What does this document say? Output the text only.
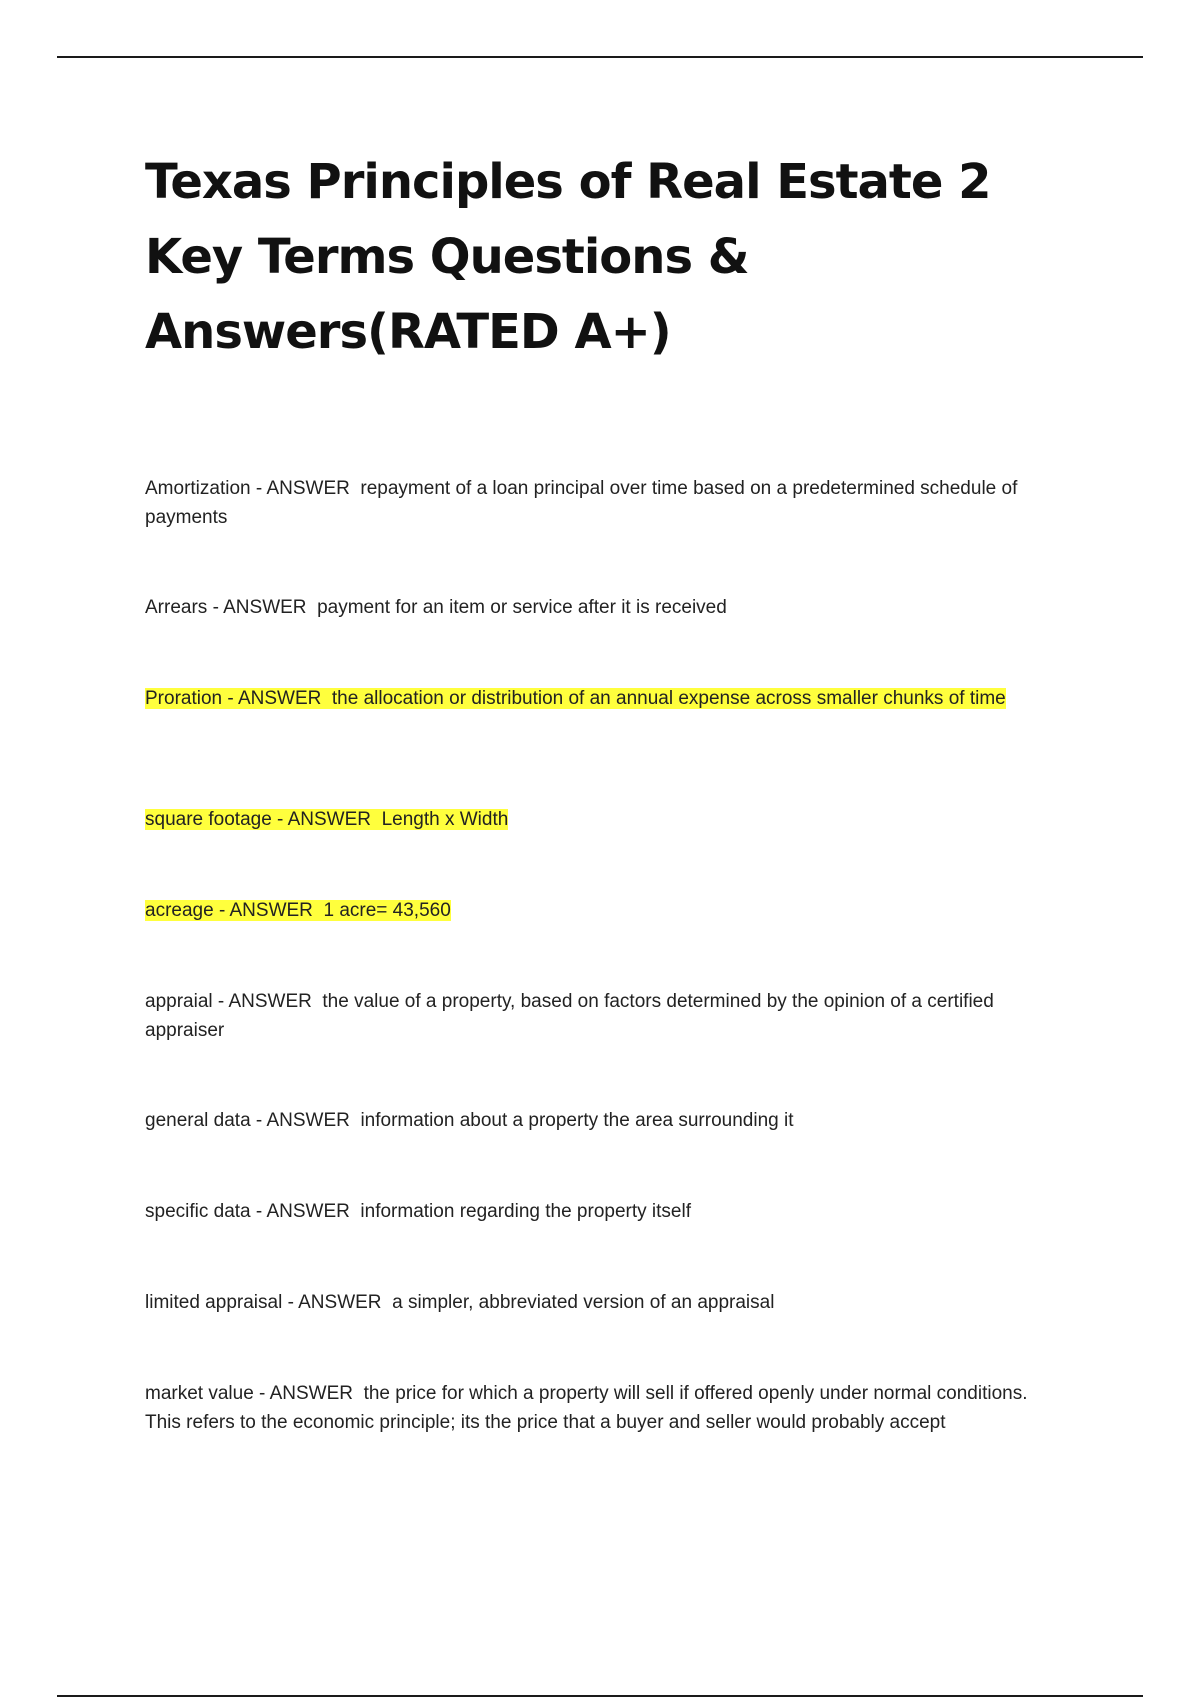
Texas Principles of Real Estate 2 Key Terms Questions & Answers(RATED A+)

Amortization - ANSWER  repayment of a loan principal over time based on a predetermined schedule of payments

Arrears - ANSWER  payment for an item or service after it is received

Proration - ANSWER  the allocation or distribution of an annual expense across smaller chunks of time

square footage - ANSWER  Length x Width

acreage - ANSWER  1 acre= 43,560

appraial - ANSWER  the value of a property, based on factors determined by the opinion of a certified appraiser

general data - ANSWER  information about a property the area surrounding it

specific data - ANSWER  information regarding the property itself

limited appraisal - ANSWER  a simpler, abbreviated version of an appraisal

market value - ANSWER  the price for which a property will sell if offered openly under normal conditions. This refers to the economic principle; its the price that a buyer and seller would probably accept
